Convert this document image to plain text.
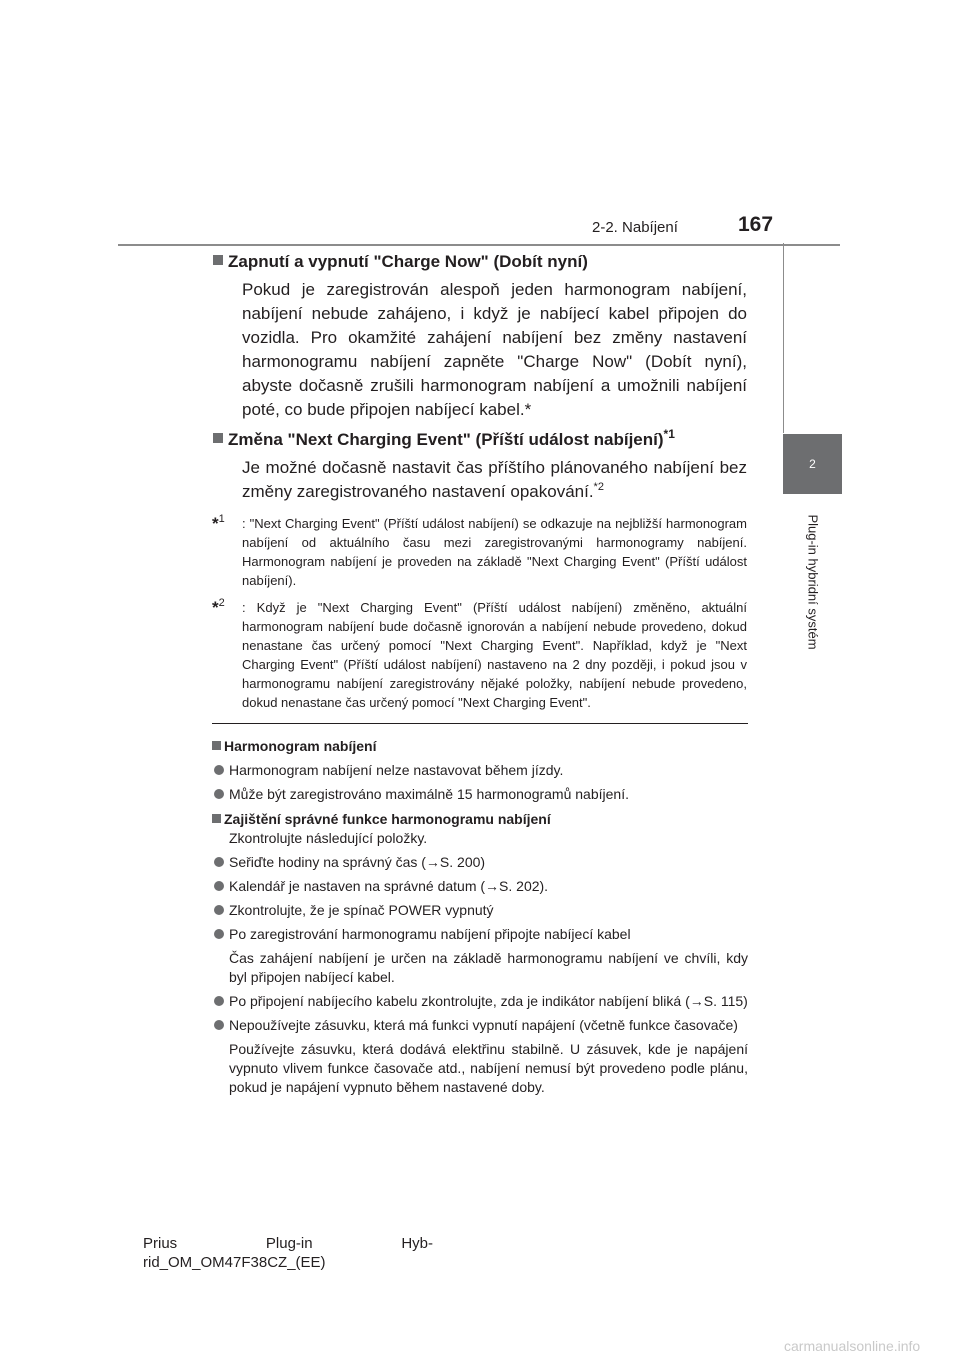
2-2. Nabíjení	167
2
Plug-in hybridní systém

Zapnutí a vypnutí "Charge Now" (Dobít nyní)

Pokud je zaregistrován alespoň jeden harmonogram nabíjení, nabíjení nebude zahájeno, i když je nabíjecí kabel připojen do vozidla. Pro okamžité zahájení nabíjení bez změny nastavení harmonogramu nabíjení zapněte "Charge Now" (Dobít nyní), abyste dočasně zrušili harmonogram nabíjení a umožnili nabíjení poté, co bude připojen nabíjecí kabel.*

Změna "Next Charging Event" (Příští událost nabíjení)$^{*1}$

Je možné dočasně nastavit čas příštího plánovaného nabíjení bez změny zaregistrovaného nastavení opakování.$^{*2}$

*$^1$	: "Next Charging Event" (Příští událost nabíjení) se odkazuje na nejbližší harmonogram nabíjení od aktuálního času mezi zaregistrovanými harmonogramy nabíjení. Harmonogram nabíjení je proveden na základě "Next Charging Event" (Příští událost nabíjení).
*$^2$	: Když je "Next Charging Event" (Příští událost nabíjení) změněno, aktuální harmonogram nabíjení bude dočasně ignorován a nabíjení nebude provedeno, dokud nenastane čas určený pomocí "Next Charging Event". Například, když je "Next Charging Event" (Příští událost nabíjení) nastaveno na 2 dny později, i pokud jsou v harmonogramu nabíjení zaregistrovány nějaké položky, nabíjení nebude provedeno, dokud nenastane čas určený pomocí "Next Charging Event".
Harmonogram nabíjení
Harmonogram nabíjení nelze nastavovat během jízdy.
Může být zaregistrováno maximálně 15 harmonogramů nabíjení.
Zajištění správné funkce harmonogramu nabíjení
Zkontrolujte následující položky.
Seřiďte hodiny na správný čas (→S. 200)
Kalendář je nastaven na správné datum (→S. 202).
Zkontrolujte, že je spínač POWER vypnutý
Po zaregistrování harmonogramu nabíjení připojte nabíjecí kabel
Čas zahájení nabíjení je určen na základě harmonogramu nabíjení ve chvíli, kdy byl připojen nabíjecí kabel.
Po připojení nabíjecího kabelu zkontrolujte, zda je indikátor nabíjení bliká (→S. 115)
Nepoužívejte zásuvku, která má funkci vypnutí napájení (včetně funkce časovače)
Používejte zásuvku, která dodává elektřinu stabilně. U zásuvek, kde je napájení vypnuto vlivem funkce časovače atd., nabíjení nemusí být provedeno podle plánu, pokud je napájení vypnuto během nastavené doby.
Prius	Plug-in	Hyb-
rid_OM_OM47F38CZ_(EE)
carmanualsonline.info
